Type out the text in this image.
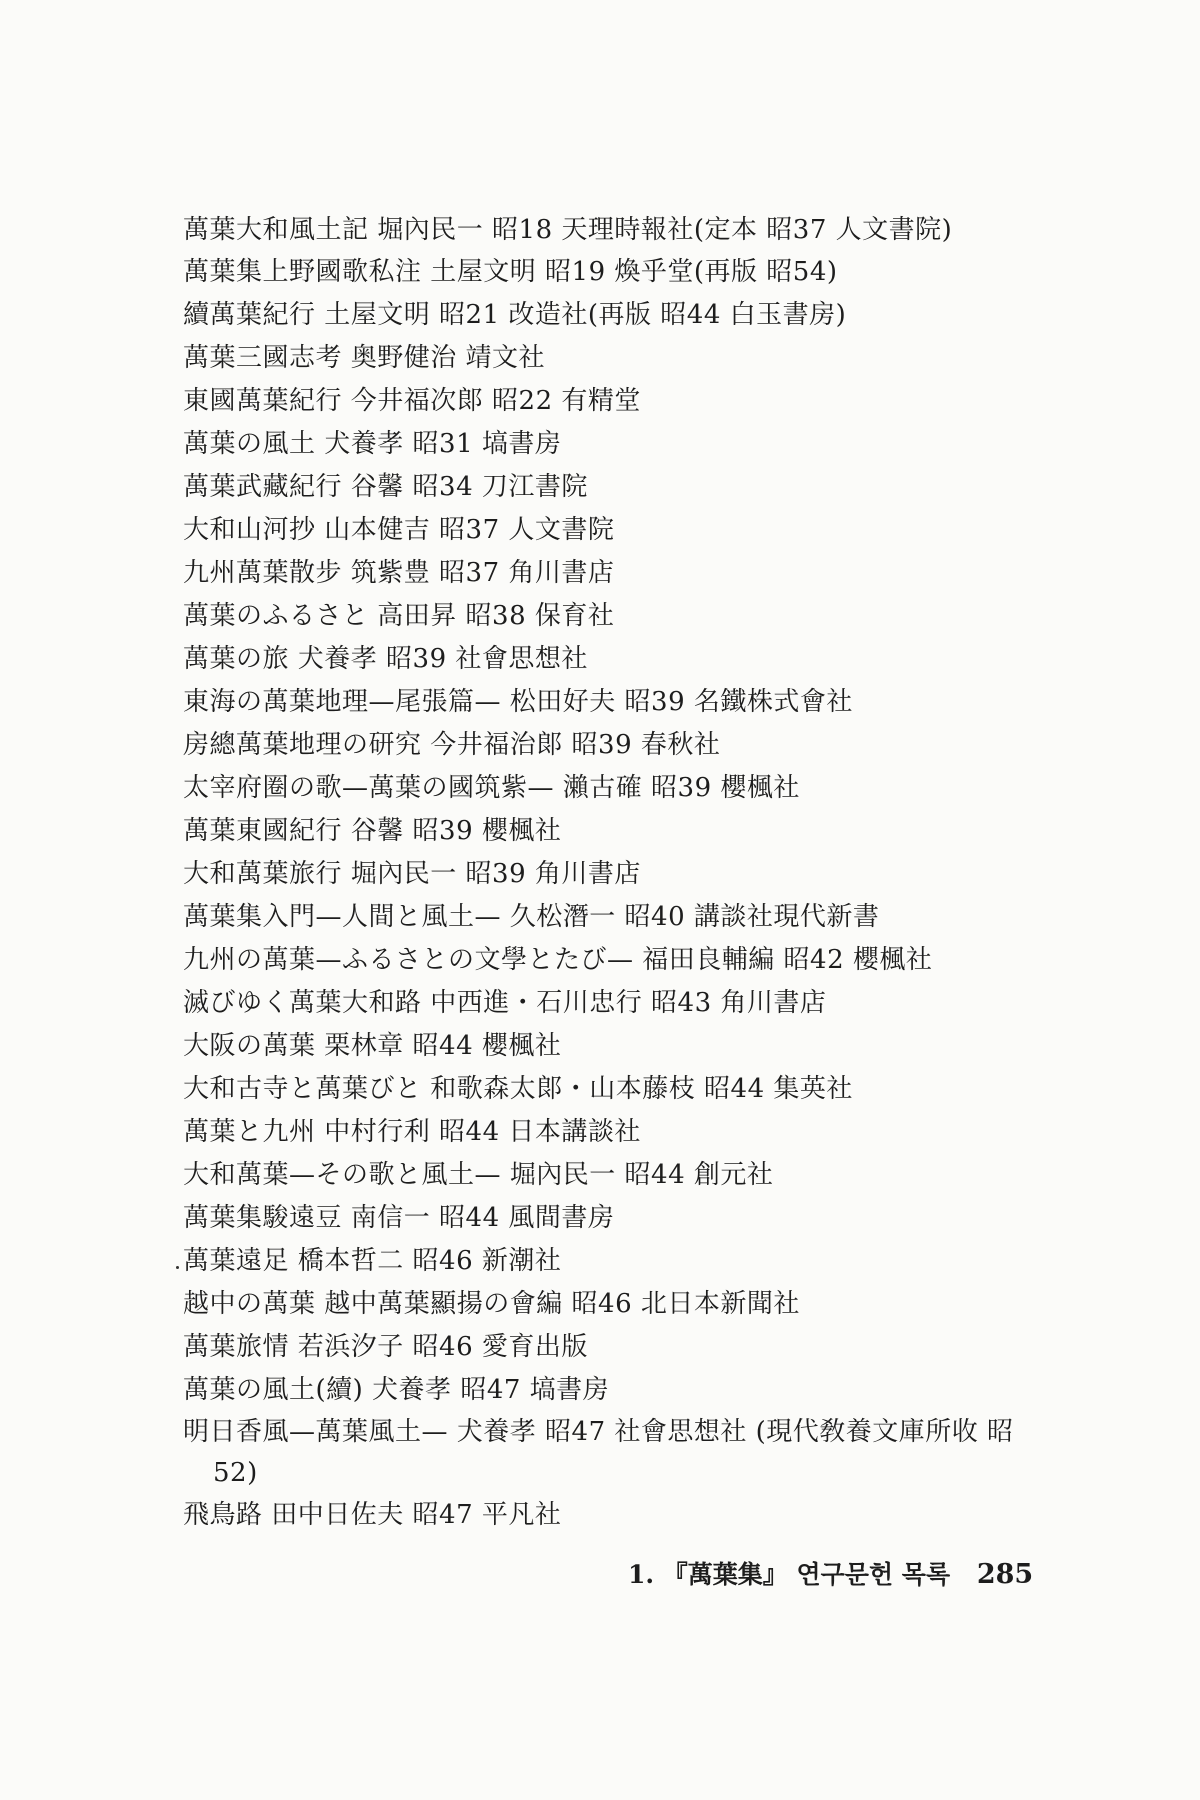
萬葉大和風土記 堀內民一 昭18 天理時報社(定本 昭37 人文書院)
萬葉集上野國歌私注 土屋文明 昭19 煥乎堂(再版 昭54)
續萬葉紀行 土屋文明 昭21 改造社(再版 昭44 白玉書房)
萬葉三國志考 奥野健治 靖文社
東國萬葉紀行 今井福次郞 昭22 有精堂
萬葉の風土 犬養孝 昭31 塙書房
萬葉武藏紀行 谷馨 昭34 刀江書院
大和山河抄 山本健吉 昭37 人文書院
九州萬葉散步 筑紫豊 昭37 角川書店
萬葉のふるさと 高田昇 昭38 保育社
萬葉の旅 犬養孝 昭39 社會思想社
東海の萬葉地理—尾張篇— 松田好夫 昭39 名鐵株式會社
房總萬葉地理の研究 今井福治郞 昭39 春秋社
太宰府圈の歌—萬葉の國筑紫— 瀨古確 昭39 櫻楓社
萬葉東國紀行 谷馨 昭39 櫻楓社
大和萬葉旅行 堀內民一 昭39 角川書店
萬葉集入門—人間と風土— 久松潛一 昭40 講談社現代新書
九州の萬葉—ふるさとの文學とたび— 福田良輔編 昭42 櫻楓社
滅びゆく萬葉大和路 中西進・石川忠行 昭43 角川書店
大阪の萬葉 栗林章 昭44 櫻楓社
大和古寺と萬葉びと 和歌森太郞・山本藤枝 昭44 集英社
萬葉と九州 中村行利 昭44 日本講談社
大和萬葉—その歌と風土— 堀內民一 昭44 創元社
萬葉集駿遠豆 南信一 昭44 風間書房
萬葉遠足 橋本哲二 昭46 新潮社
越中の萬葉 越中萬葉顯揚の會編 昭46 北日本新聞社
萬葉旅情 若浜汐子 昭46 愛育出版
萬葉の風土(續) 犬養孝 昭47 塙書房
明日香風—萬葉風土— 犬養孝 昭47 社會思想社 (現代敎養文庫所收 昭52)
飛鳥路 田中日佐夫 昭47 平凡社
1. 『萬葉集』 연구문헌 목록 285
